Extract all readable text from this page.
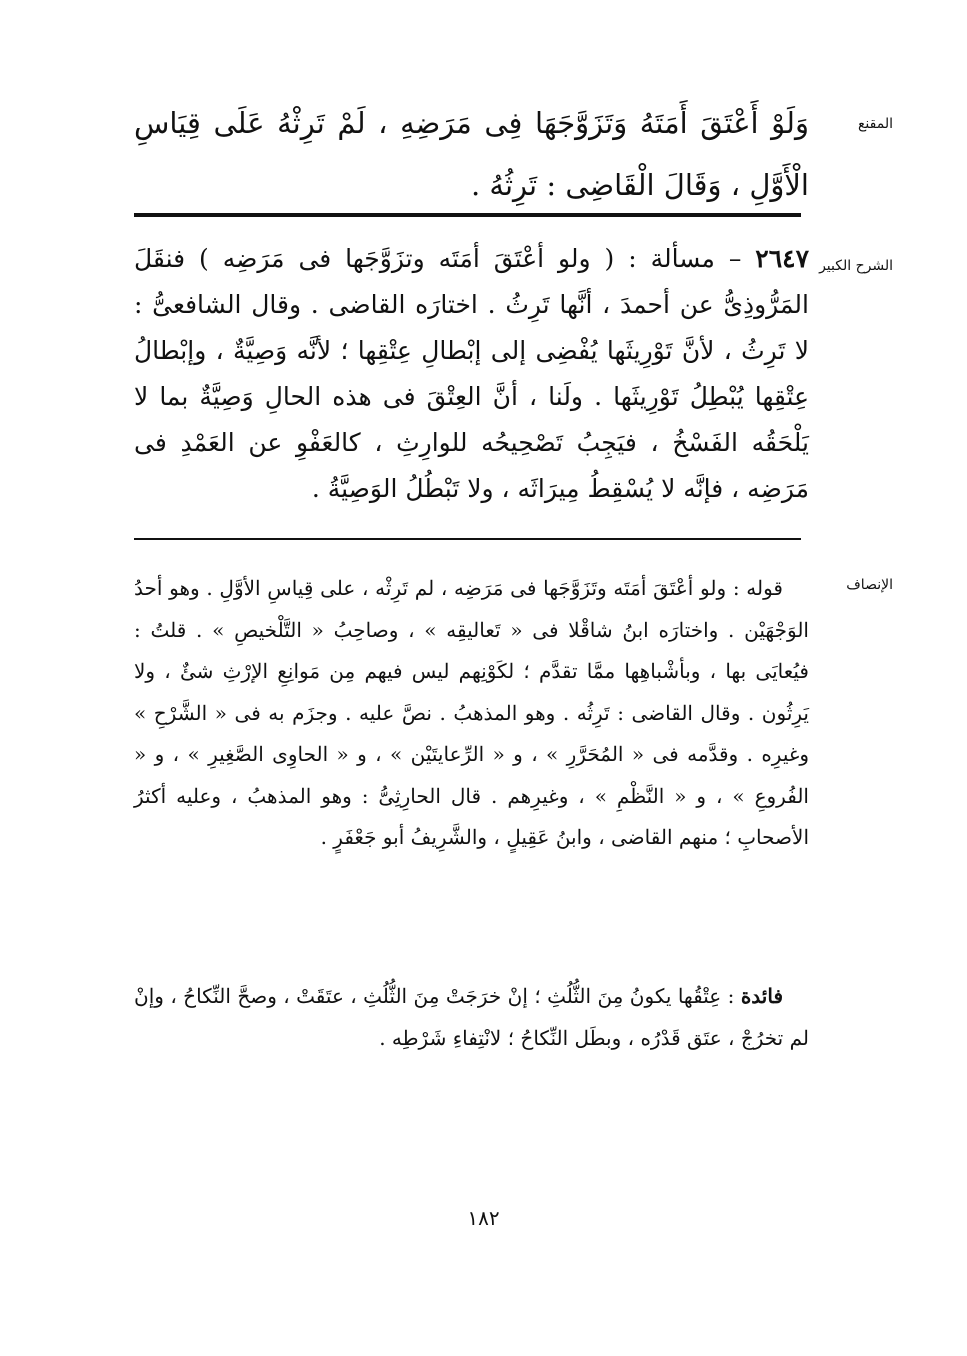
المقنع
وَلَوْ أَعْتَقَ أَمَتَهُ وَتَزَوَّجَهَا فِى مَرَضِهِ ، لَمْ تَرِثْهُ عَلَى قِيَاسِ الْأَوَّلِ ، وَقَالَ الْقَاضِى : تَرِثُهُ .
الشرح الكبير
٢٦٤٧ – مسألة : ( ولو أعْتَقَ أمَتَه وتزَوَّجَها فى مَرَضِه ) فنقَلَ المَرُّوذِىُّ عن أحمدَ ، أنَّها تَرِثُ . اختارَه القاضى . وقال الشافعىُّ : لا تَرِثُ ، لأنَّ تَوْرِيثَها يُفْضِى إلى إبْطالِ عِتْقِها ؛ لأنَّه وَصِيَّةٌ ، وإبْطالُ عِتْقِها يُبْطِلُ تَوْرِيثَها . ولَنا ، أنَّ العِتْقَ فى هذه الحالِ وَصِيَّةٌ بما لا يَلْحَقُه الفَسْخُ ، فيَجِبُ تَصْحِيحُه للوارِثِ ، كالعَفْوِ عن العَمْدِ فى مَرَضِه ، فإنَّه لا يُسْقِطُ مِيرَاثَه ، ولا تَبْطُلُ الوَصِيَّةُ .
الإنصاف
قوله : ولو أعْتَقَ أمَتَه وتَزَوَّجَها فى مَرَضِه ، لم تَرِثْه ، على قِياسِ الأوَّلِ . وهو أحدُ الوَجْهَيْن . واختارَه ابنُ شاقْلا فى « تَعاليقِه » ، وصاحِبُ « التَّلْخيصِ » . قلتُ : فيُعايَى بها ، وبأشْباهِها ممَّا تقدَّم ؛ لكَوْنِهم ليس فيهم مِن مَوانِعِ الإرْثِ شئٌ ، ولا يَرِثُون . وقال القاضى : تَرِثُه . وهو المذهبُ . نصَّ عليه . وجزَم به فى « الشَّرْحِ » وغيرِه . وقدَّمه فى « المُحَرَّرِ » ، و « الرِّعايتَيْن » ، و « الحاوِى الصَّغِيرِ » ، و « الفُروعِ » ، و « النَّظْمِ » ، وغيرِهم . قال الحارِثِىُّ : وهو المذهبُ ، وعليه أكثرُ الأصحابِ ؛ منهم القاضى ، وابنُ عَقِيلٍ ، والشَّرِيفُ أبو جَعْفَرٍ .
فائدة : عِتْقُها يكونُ مِنَ الثُّلُثِ ؛ إنْ خرَجَتْ مِنَ الثُّلُثِ ، عتَقَتْ ، وصحَّ النِّكاحُ ، وإنْ لم تخرُجْ ، عتَق قَدْرُه ، وبطَل النِّكاحُ ؛ لانْتِفاءِ شَرْطِه .
١٨٢
